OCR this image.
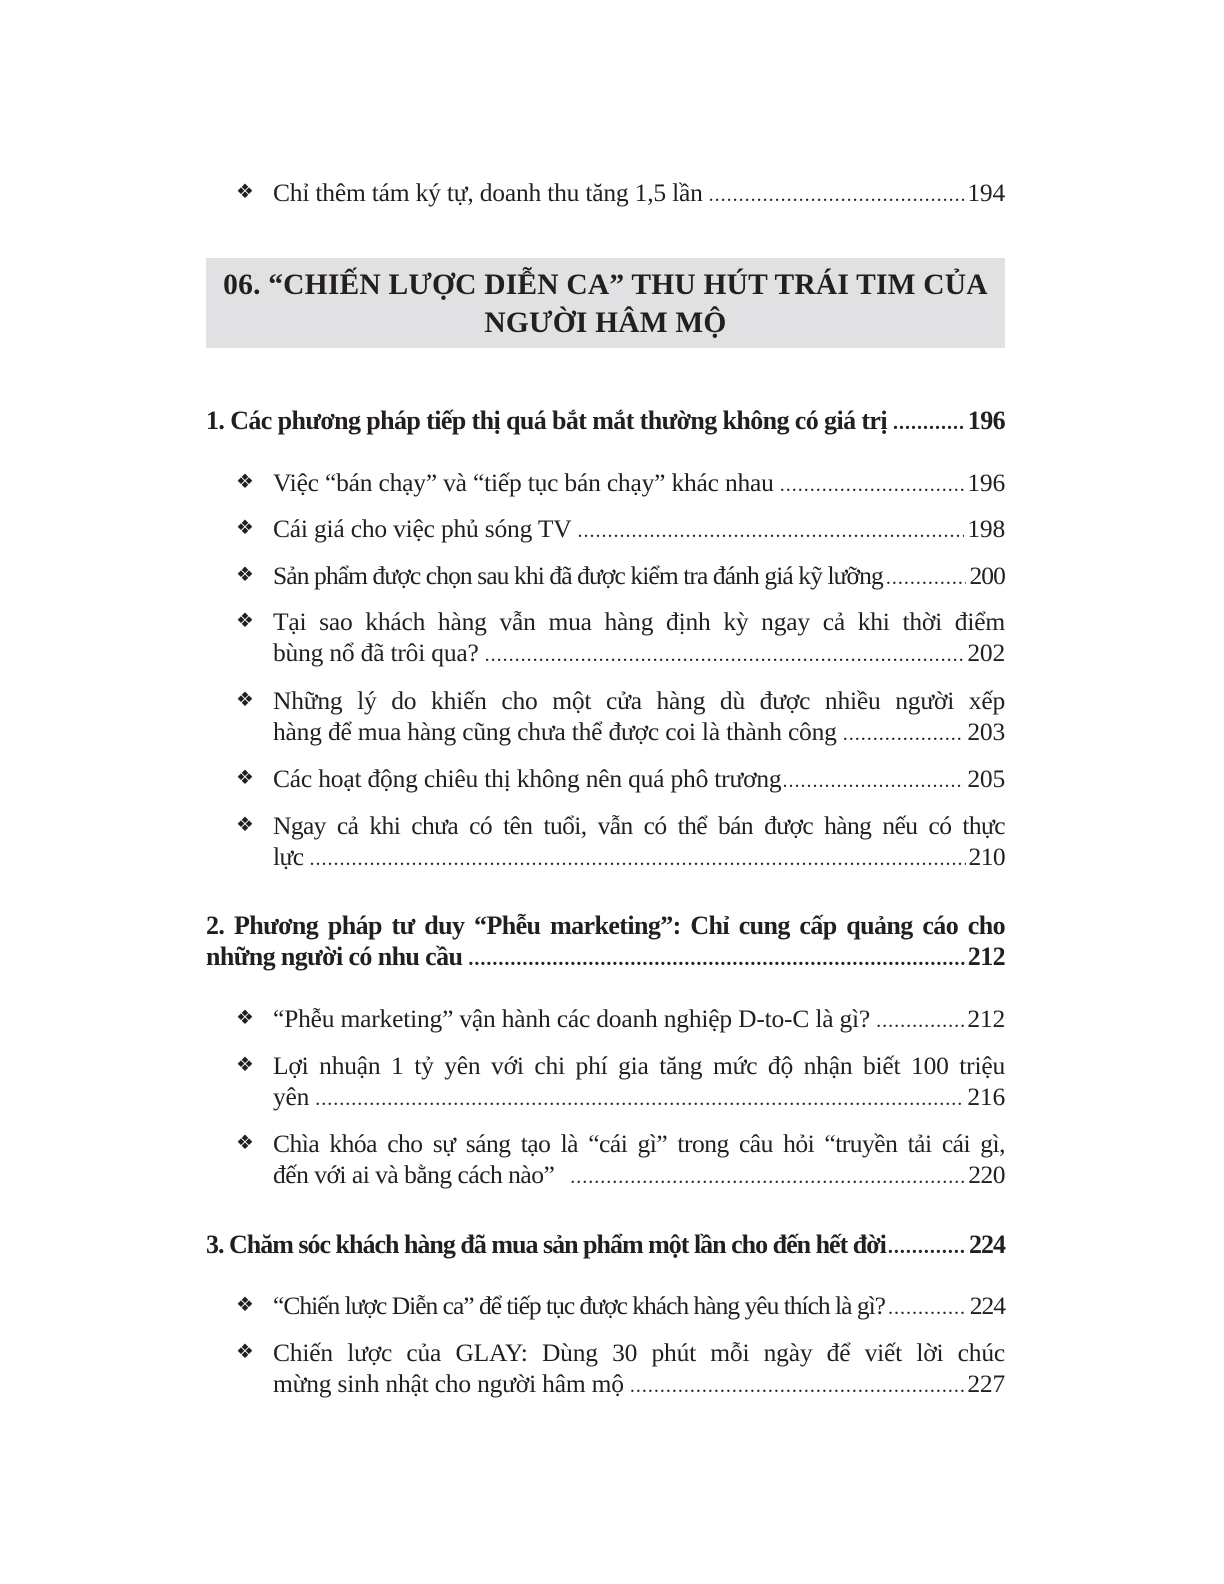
❖ Chỉ thêm tám ký tự, doanh thu tăng 1,5 lần .....	194
1. Các phương pháp tiếp thị quá bắt mắt thường không có giá trị .....	196
❖ Việc “bán chạy” và “tiếp tục bán chạy” khác nhau .....	196
❖ Cái giá cho việc phủ sóng TV .....	198
❖ Sản phẩm được chọn sau khi đã được kiểm tra đánh giá kỹ lưỡng .....	200
❖ Tại sao khách hàng vẫn mua hàng định kỳ ngay cả khi thời điểm
bùng nổ đã trôi qua? .....	202
❖ Những lý do khiến cho một cửa hàng dù được nhiều người xếp
hàng để mua hàng cũng chưa thể được coi là thành công .....	203
❖ Các hoạt động chiêu thị không nên quá phô trương .....	205
❖ Ngay cả khi chưa có tên tuổi, vẫn có thể bán được hàng nếu có thực
lực .....	210
2. Phương pháp tư duy “Phễu marketing”: Chỉ cung cấp quảng cáo cho
những người có nhu cầu .....	212
❖ “Phễu marketing” vận hành các doanh nghiệp D-to-C là gì? .....	212
❖ Lợi nhuận 1 tỷ yên với chi phí gia tăng mức độ nhận biết 100 triệu
yên .....	216
❖ Chìa khóa cho sự sáng tạo là “cái gì” trong câu hỏi “truyền tải cái gì,
đến với ai và bằng cách nào” .....	220
3. Chăm sóc khách hàng đã mua sản phẩm một lần cho đến hết đời .....	224
❖ “Chiến lược Diễn ca” để tiếp tục được khách hàng yêu thích là gì? .....	224
❖ Chiến lược của GLAY: Dùng 30 phút mỗi ngày để viết lời chúc
mừng sinh nhật cho người hâm mộ .....	227
06. “CHIẾN LƯỢC DIỄN CA” THU HÚT TRÁI TIM CỦA
NGƯỜI HÂM MỘ
